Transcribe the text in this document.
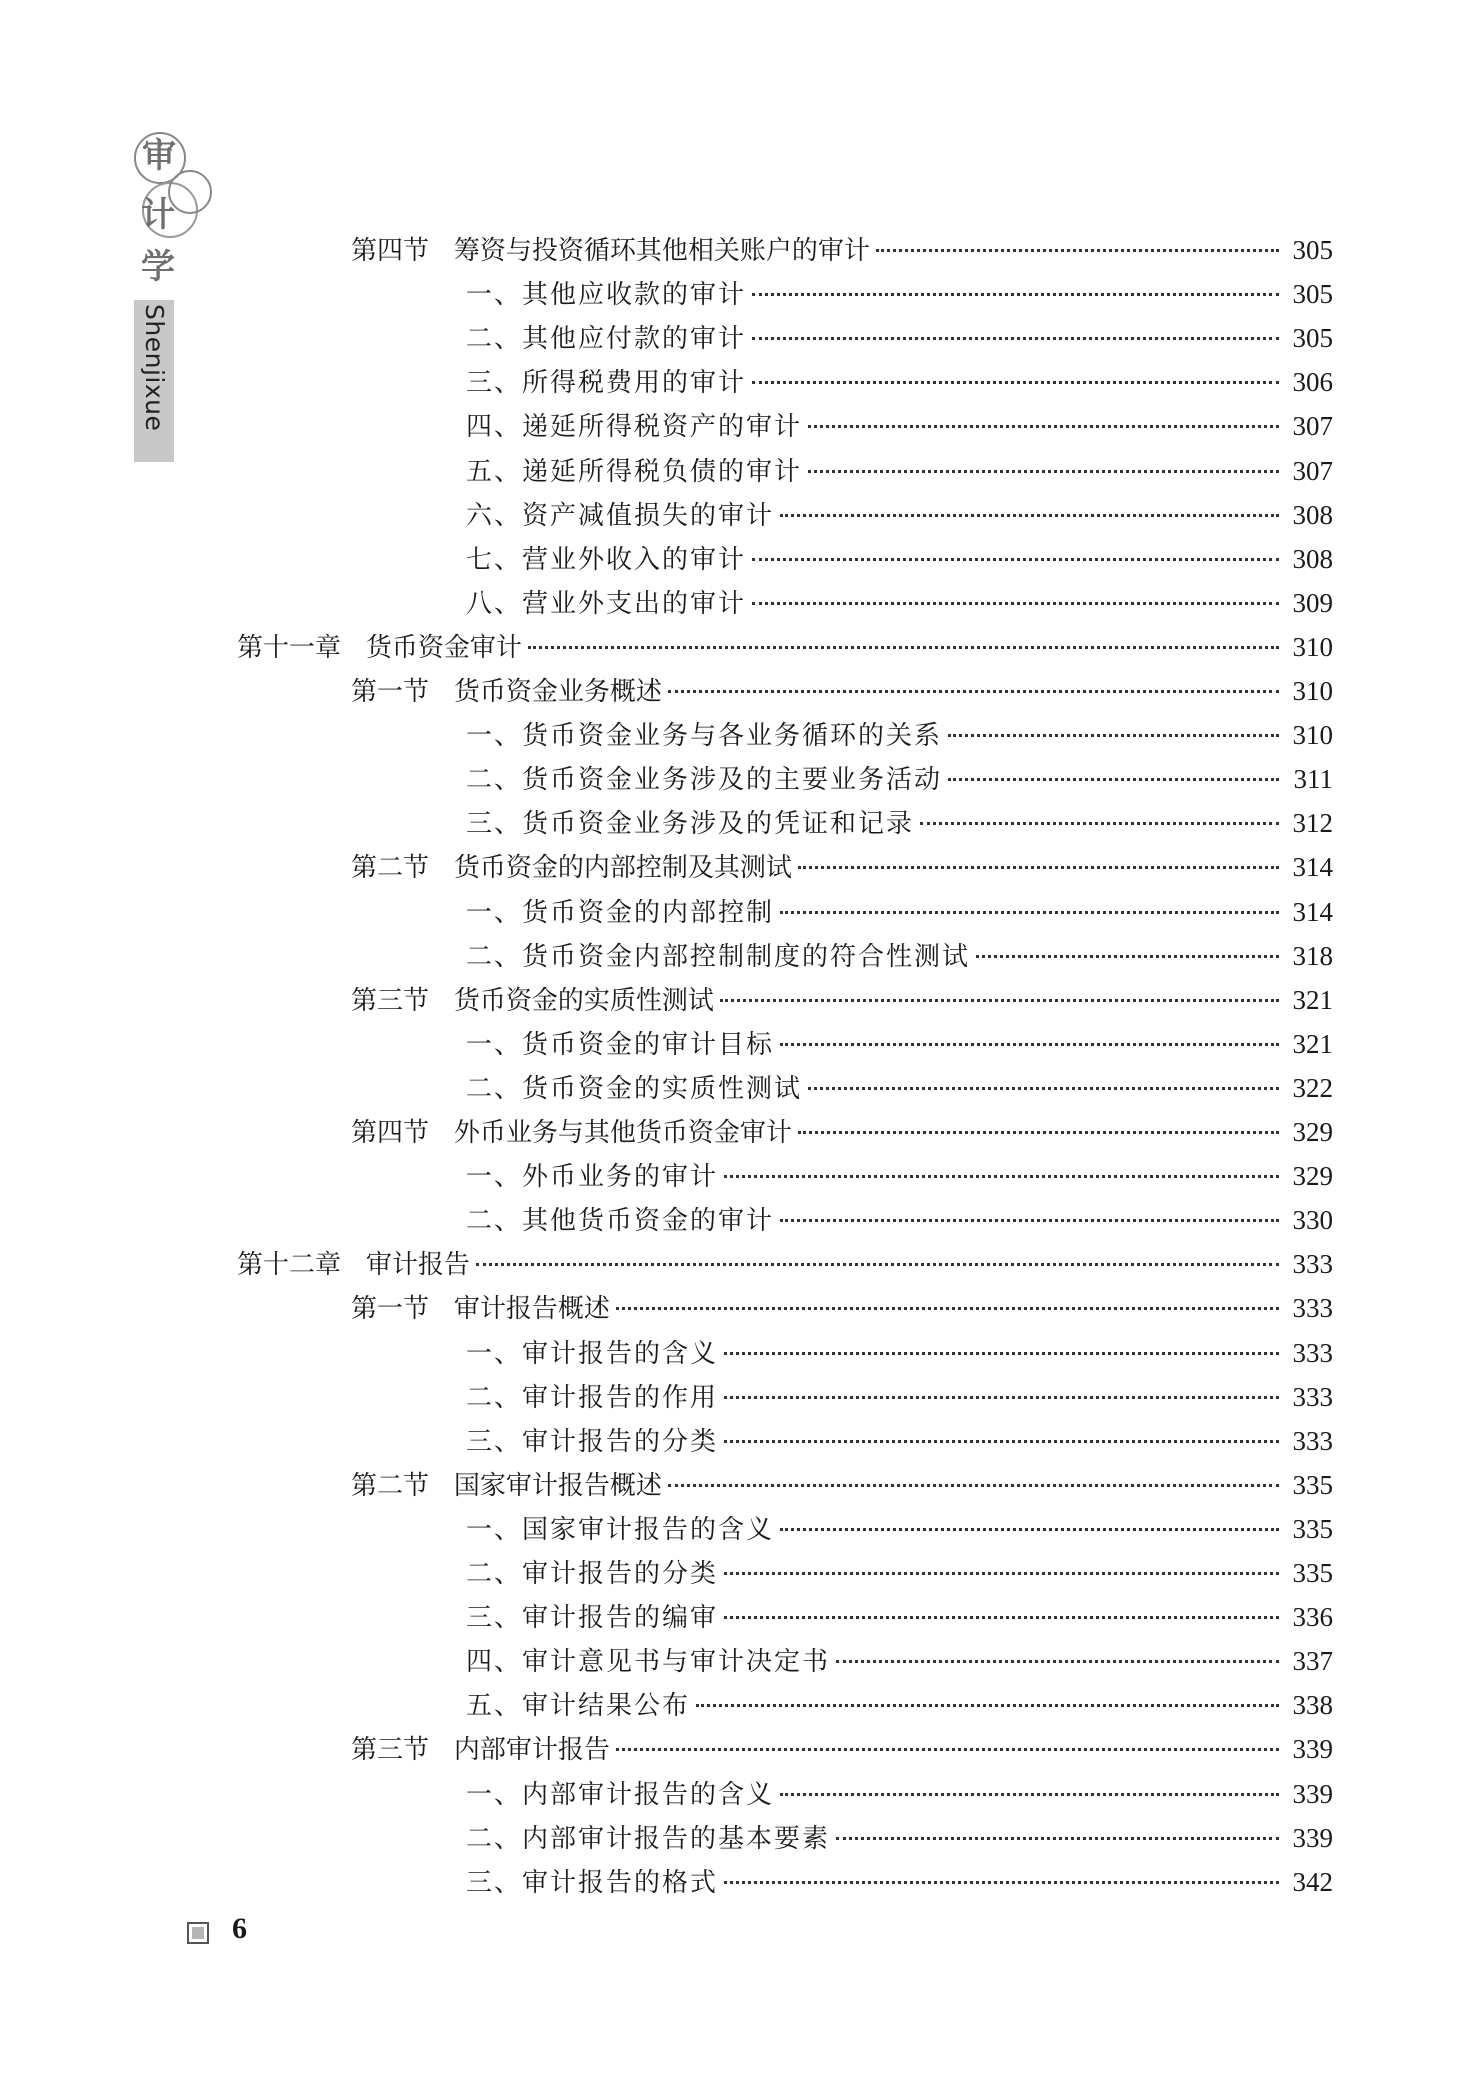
审
计
学
Shenjixue
第四节 筹资与投资循环其他相关账户的审计	305
一、其他应收款的审计	305
二、其他应付款的审计	305
三、所得税费用的审计	306
四、递延所得税资产的审计	307
五、递延所得税负债的审计	307
六、资产减值损失的审计	308
七、营业外收入的审计	308
八、营业外支出的审计	309
第十一章 货币资金审计	310
第一节 货币资金业务概述	310
一、货币资金业务与各业务循环的关系	310
二、货币资金业务涉及的主要业务活动	311
三、货币资金业务涉及的凭证和记录	312
第二节 货币资金的内部控制及其测试	314
一、货币资金的内部控制	314
二、货币资金内部控制制度的符合性测试	318
第三节 货币资金的实质性测试	321
一、货币资金的审计目标	321
二、货币资金的实质性测试	322
第四节 外币业务与其他货币资金审计	329
一、外币业务的审计	329
二、其他货币资金的审计	330
第十二章 审计报告	333
第一节 审计报告概述	333
一、审计报告的含义	333
二、审计报告的作用	333
三、审计报告的分类	333
第二节 国家审计报告概述	335
一、国家审计报告的含义	335
二、审计报告的分类	335
三、审计报告的编审	336
四、审计意见书与审计决定书	337
五、审计结果公布	338
第三节 内部审计报告	339
一、内部审计报告的含义	339
二、内部审计报告的基本要素	339
三、审计报告的格式	342
6
